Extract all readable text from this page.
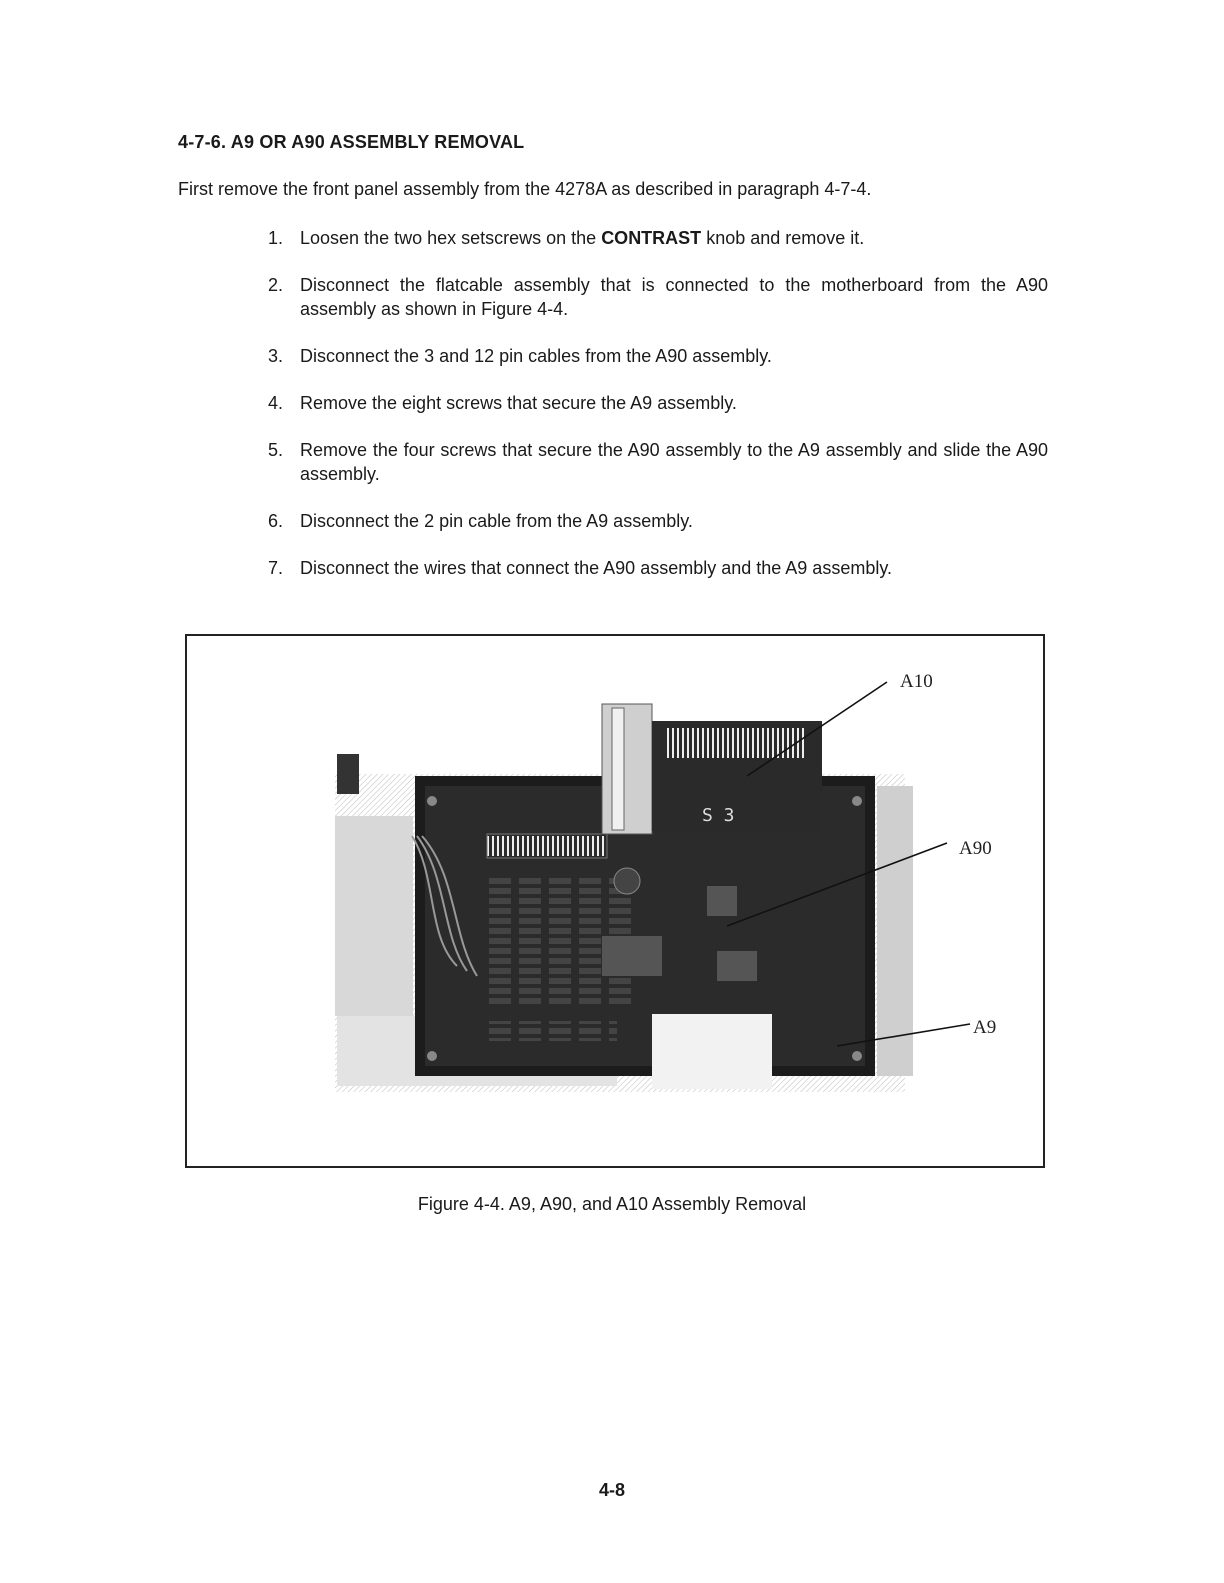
4-7-6. A9 OR A90 ASSEMBLY REMOVAL
First remove the front panel assembly from the 4278A as described in paragraph 4-7-4.
1. Loosen the two hex setscrews on the CONTRAST knob and remove it.
2. Disconnect the flatcable assembly that is connected to the motherboard from the A90 assembly as shown in Figure 4-4.
3. Disconnect the 3 and 12 pin cables from the A90 assembly.
4. Remove the eight screws that secure the A9 assembly.
5. Remove the four screws that secure the A90 assembly to the A9 assembly and slide the A90 assembly.
6. Disconnect the 2 pin cable from the A9 assembly.
7. Disconnect the wires that connect the A90 assembly and the A9 assembly.
S 3
A10
A90
A9
Figure 4-4. A9, A90, and A10 Assembly Removal
4-8
